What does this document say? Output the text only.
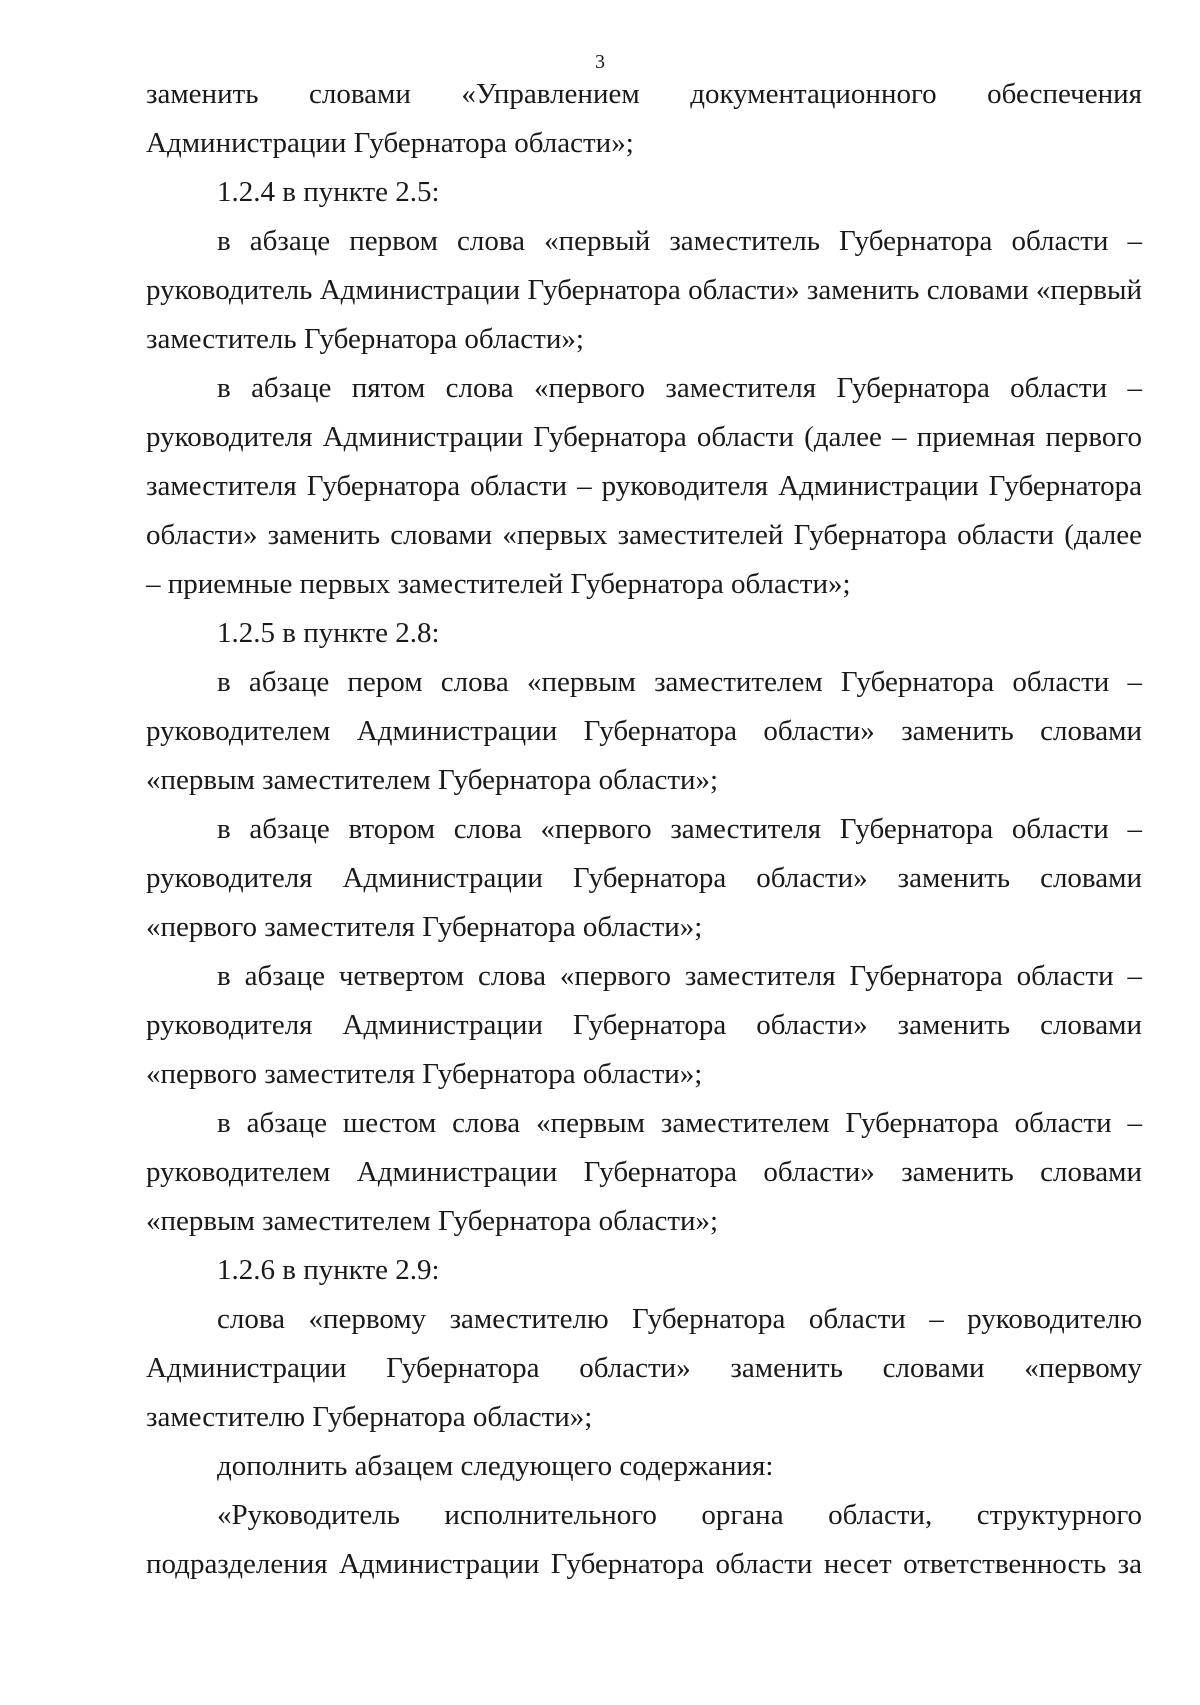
3

заменить словами «Управлением документационного обеспечения Администрации Губернатора области»;

1.2.4 в пункте 2.5:

в абзаце первом слова «первый заместитель Губернатора области – руководитель Администрации Губернатора области» заменить словами «первый заместитель Губернатора области»;

в абзаце пятом слова «первого заместителя Губернатора области – руководителя Администрации Губернатора области (далее – приемная первого заместителя Губернатора области – руководителя Администрации Губернатора области» заменить словами «первых заместителей Губернатора области (далее – приемные первых заместителей Губернатора области»;

1.2.5 в пункте 2.8:

в абзаце пером слова «первым заместителем Губернатора области – руководителем Администрации Губернатора области» заменить словами «первым заместителем Губернатора области»;

в абзаце втором слова «первого заместителя Губернатора области – руководителя Администрации Губернатора области» заменить словами «первого заместителя Губернатора области»;

в абзаце четвертом слова «первого заместителя Губернатора области – руководителя Администрации Губернатора области» заменить словами «первого заместителя Губернатора области»;

в абзаце шестом слова «первым заместителем Губернатора области – руководителем Администрации Губернатора области» заменить словами «первым заместителем Губернатора области»;

1.2.6 в пункте 2.9:

слова «первому заместителю Губернатора области – руководителю Администрации Губернатора области» заменить словами «первому заместителю Губернатора области»;

дополнить абзацем следующего содержания:

«Руководитель исполнительного органа области, структурного подразделения Администрации Губернатора области несет ответственность за
